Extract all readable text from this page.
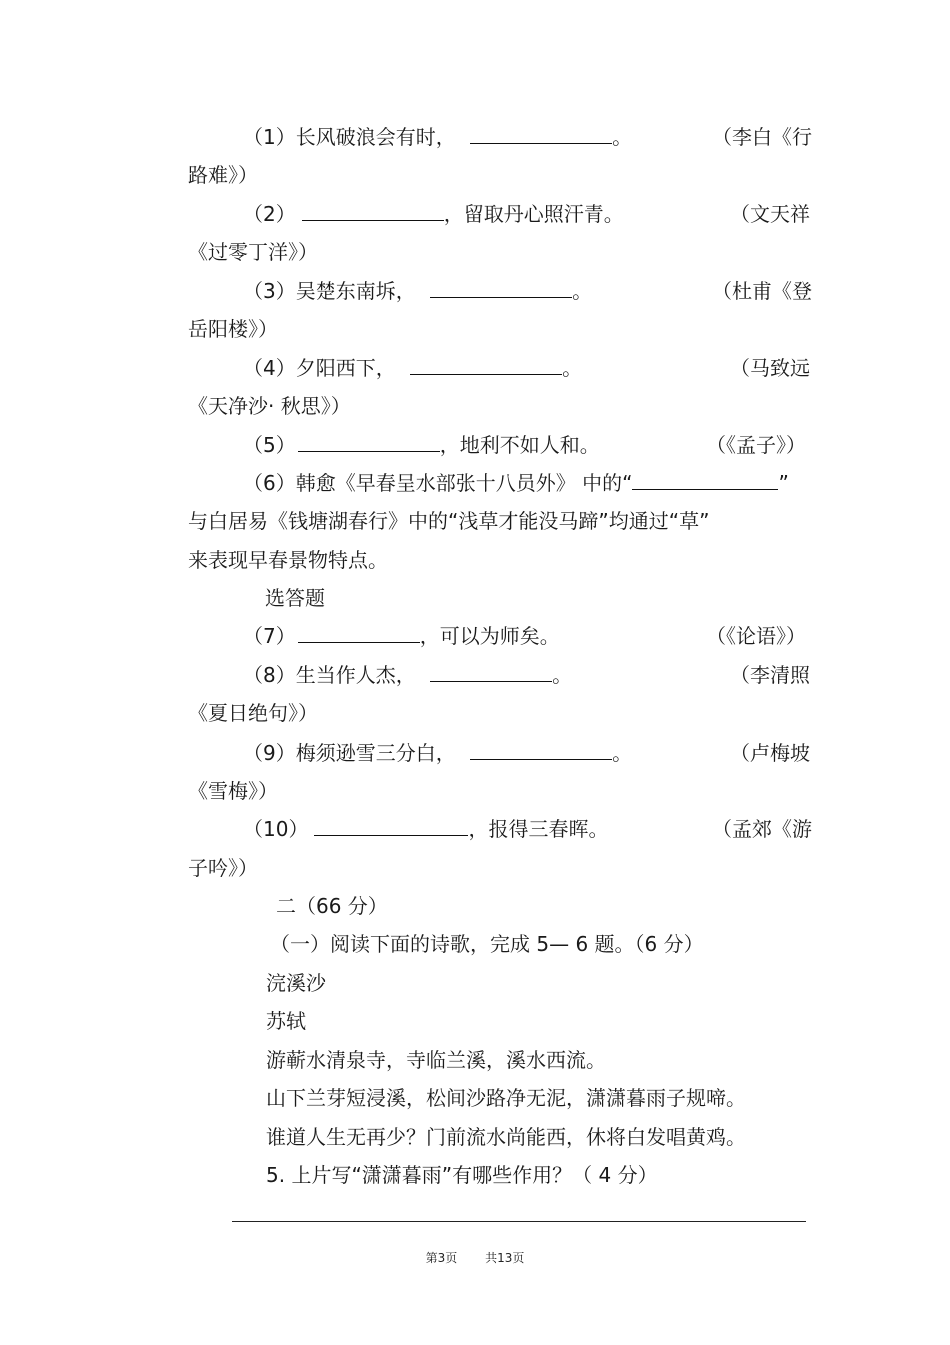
（1）长风破浪会有时，	。	（李白《行
路难》）
（2）	，留取丹心照汗青。	（文天祥
《过零丁洋》）
（3）吴楚东南坼，	。	（杜甫《登
岳阳楼》）
（4）夕阳西下，	。	（马致远
《天净沙· 秋思》）
（5）	，地利不如人和。	（《孟子》）
（6）韩愈《早春呈水部张十八员外》 中的“	”
与白居易《钱塘湖春行》中的“浅草才能没马蹄”均通过“草”
来表现早春景物特点。
选答题
（7）	，可以为师矣。	（《论语》）
（8）生当作人杰，	。	（李清照
《夏日绝句》）
（9）梅须逊雪三分白，	。	（卢梅坡
《雪梅》）
（10）	，报得三春晖。	（孟郊《游
子吟》）
二（66 分）
（一）阅读下面的诗歌，完成 5— 6 题。（6 分）
浣溪沙
苏轼
游蕲水清泉寺，寺临兰溪，溪水西流。
山下兰芽短浸溪，松间沙路净无泥，潇潇暮雨子规啼。
谁道人生无再少？门前流水尚能西，休将白发唱黄鸡。
5. 上片写“潇潇暮雨”有哪些作用？（ 4 分）
第3页 共13页
